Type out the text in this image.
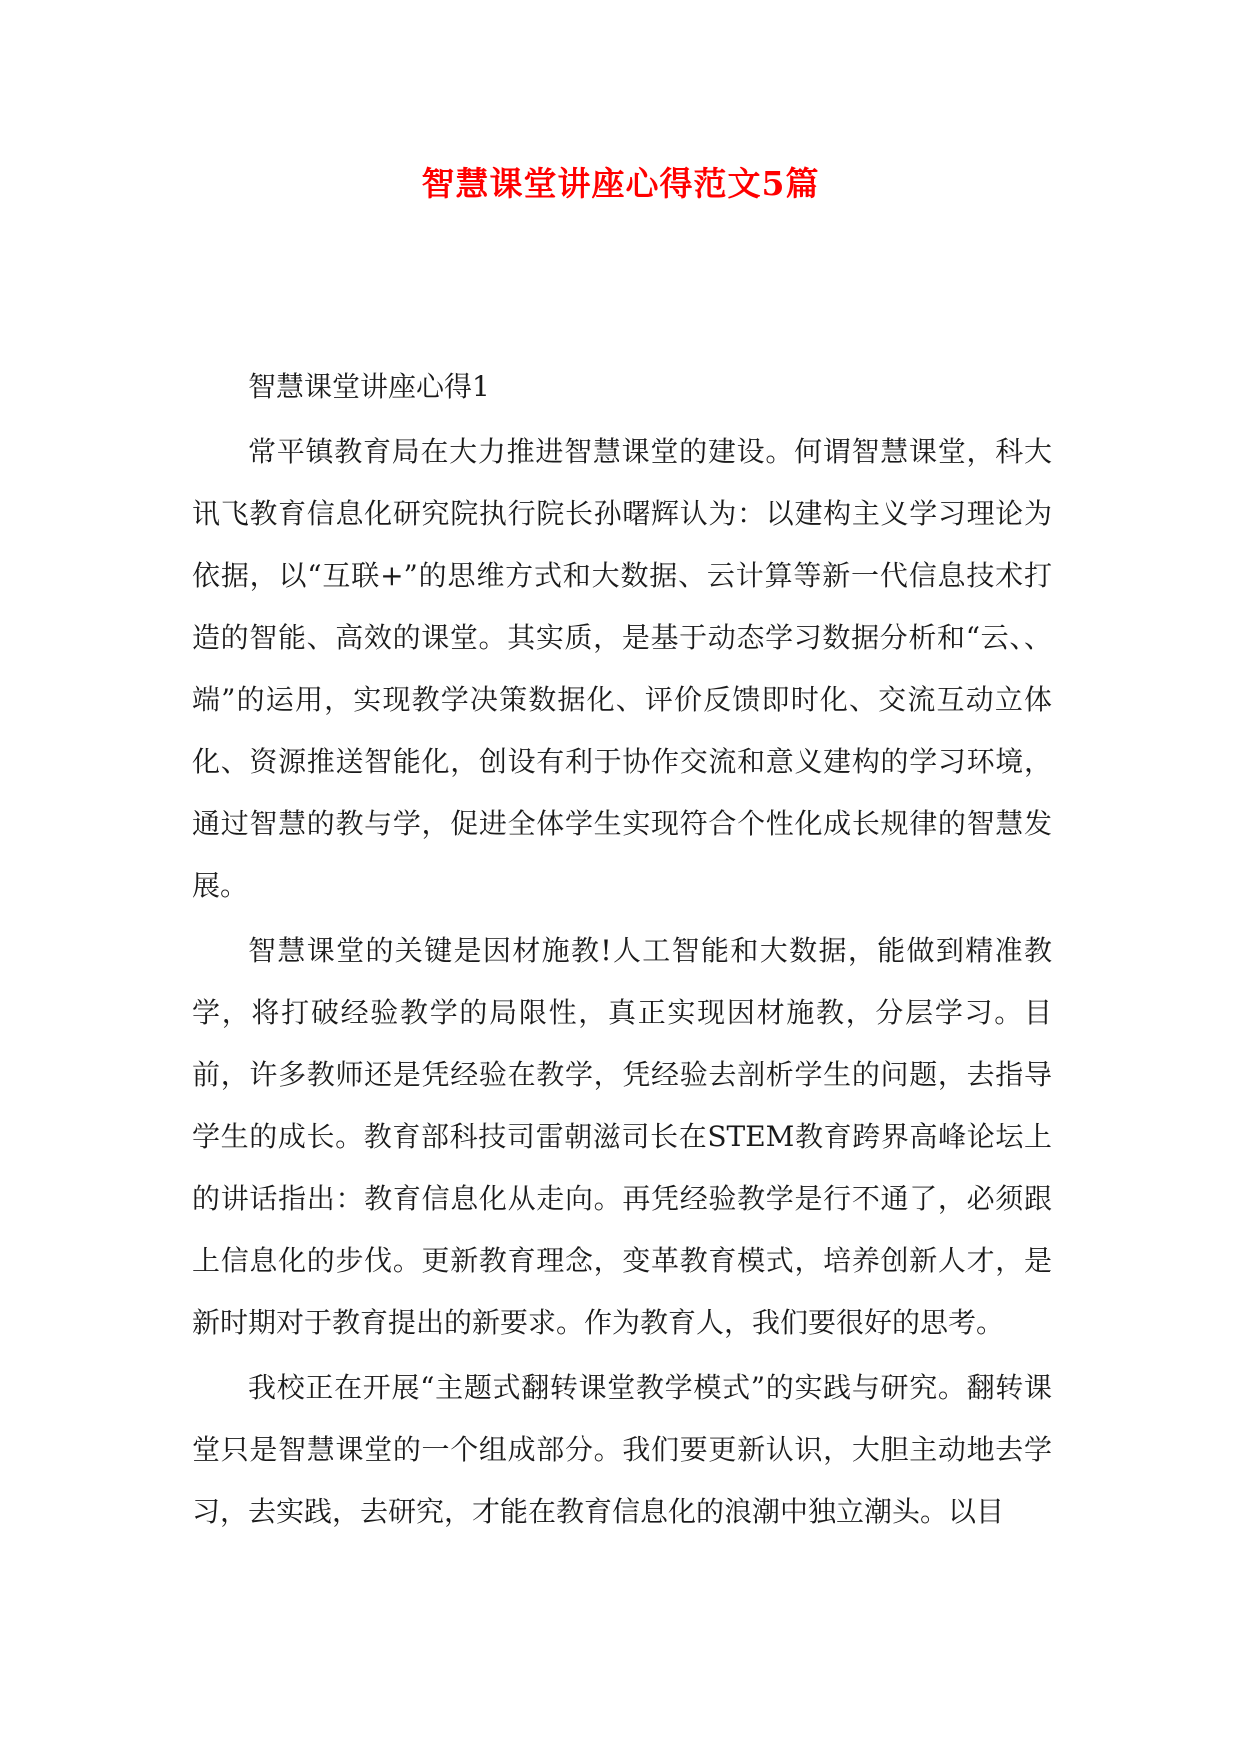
智慧课堂讲座心得范文5篇

智慧课堂讲座心得1

常平镇教育局在大力推进智慧课堂的建设。何谓智慧课堂，科大讯飞教育信息化研究院执行院长孙曙辉认为：以建构主义学习理论为依据，以“互联+”的思维方式和大数据、云计算等新一代信息技术打造的智能、高效的课堂。其实质，是基于动态学习数据分析和“云、、端”的运用，实现教学决策数据化、评价反馈即时化、交流互动立体化、资源推送智能化，创设有利于协作交流和意义建构的学习环境，通过智慧的教与学，促进全体学生实现符合个性化成长规律的智慧发展。

智慧课堂的关键是因材施教!人工智能和大数据，能做到精准教学，将打破经验教学的局限性，真正实现因材施教，分层学习。目前，许多教师还是凭经验在教学，凭经验去剖析学生的问题，去指导学生的成长。教育部科技司雷朝滋司长在STEM教育跨界高峰论坛上的讲话指出：教育信息化从走向。再凭经验教学是行不通了，必须跟上信息化的步伐。更新教育理念，变革教育模式，培养创新人才，是新时期对于教育提出的新要求。作为教育人，我们要很好的思考。

我校正在开展“主题式翻转课堂教学模式”的实践与研究。翻转课堂只是智慧课堂的一个组成部分。我们要更新认识，大胆主动地去学习，去实践，去研究，才能在教育信息化的浪潮中独立潮头。以目
